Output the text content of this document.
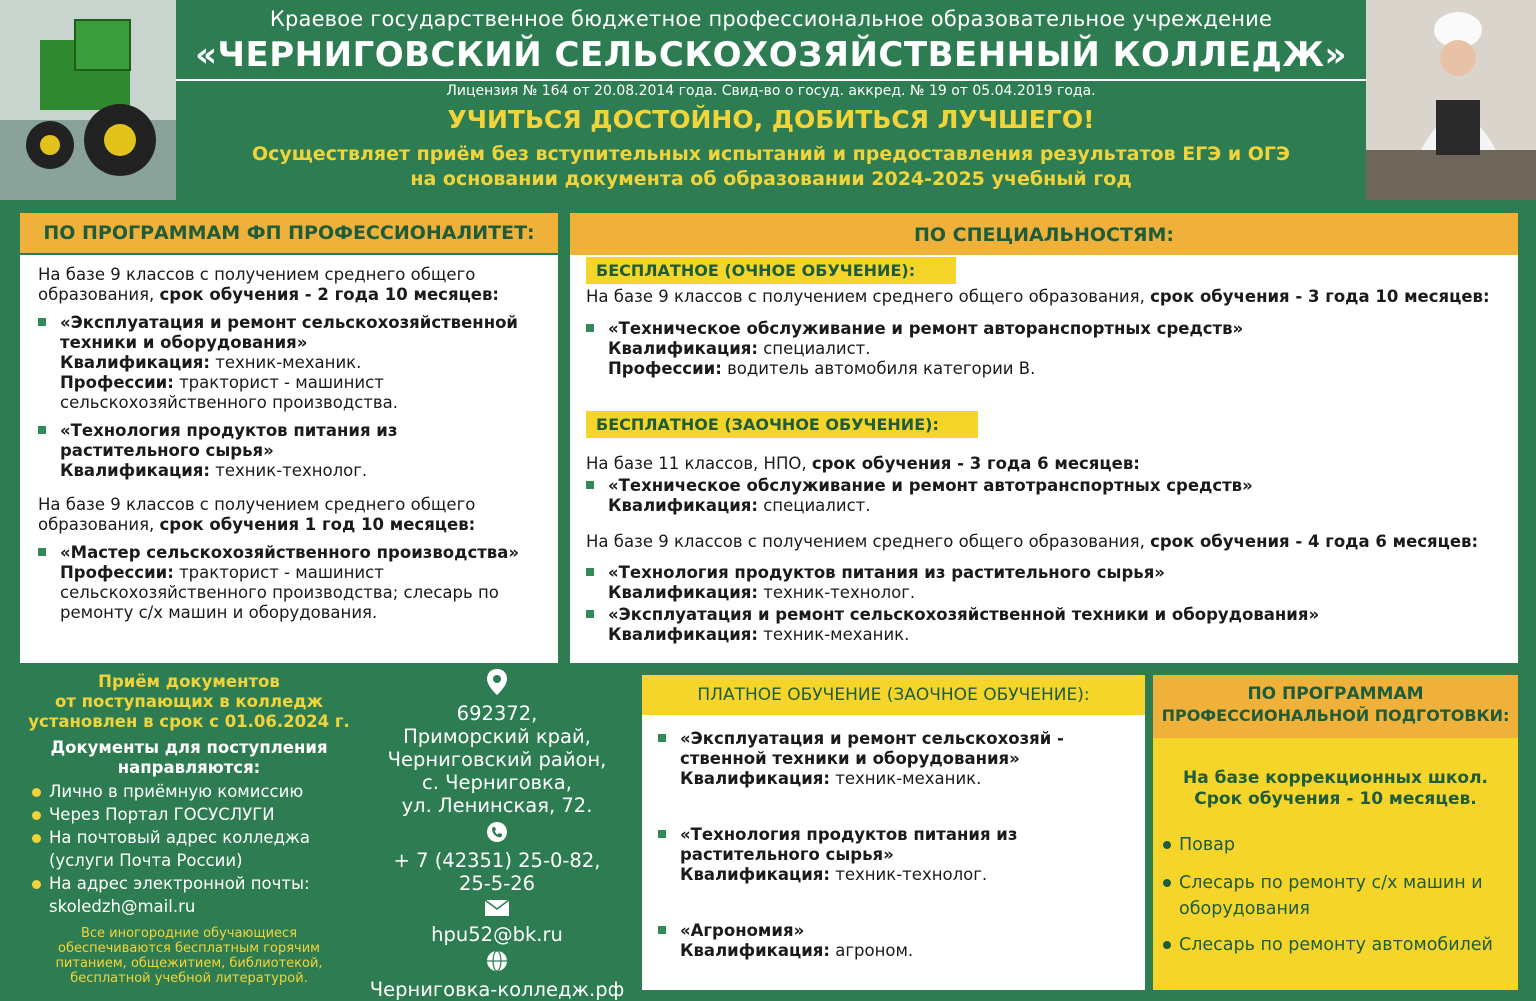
Краевое государственное бюджетное профессиональное образовательное учреждение
«ЧЕРНИГОВСКИЙ СЕЛЬСКОХОЗЯЙСТВЕННЫЙ КОЛЛЕДЖ»
Лицензия № 164 от 20.08.2014 года. Свид-во о госуд. аккред. № 19 от 05.04.2019 года.
УЧИТЬСЯ ДОСТОЙНО, ДОБИТЬСЯ ЛУЧШЕГО!
Осуществляет приём без вступительных испытаний и предоставления результатов ЕГЭ и ОГЭ
на основании документа об образовании 2024-2025 учебный год
ПО ПРОГРАММАМ ФП ПРОФЕССИОНАЛИТЕТ:
На базе 9 классов с получением среднего общего образования, срок обучения - 2 года 10 месяцев:
«Эксплуатация и ремонт сельскохозяйственной техники и оборудования»
Квалификация: техник-механик.
Профессии: тракторист - машинист сельскохозяйственного производства.
«Технология продуктов питания из растительного сырья»
Квалификация: техник-технолог.
На базе 9 классов с получением среднего общего образования, срок обучения 1 год 10 месяцев:
«Мастер сельскохозяйственного производства»
Профессии: тракторист - машинист сельскохозяйственного производства; слесарь по ремонту с/х машин и оборудования.
ПО СПЕЦИАЛЬНОСТЯМ:
БЕСПЛАТНОЕ (ОЧНОЕ ОБУЧЕНИЕ):
На базе 9 классов с получением среднего общего образования, срок обучения - 3 года 10 месяцев:
«Техническое обслуживание и ремонт авторанспортных средств»
Квалификация: специалист.
Профессии: водитель автомобиля категории В.
БЕСПЛАТНОЕ (ЗАОЧНОЕ ОБУЧЕНИЕ):
На базе 11 классов, НПО, срок обучения - 3 года 6 месяцев:
«Техническое обслуживание и ремонт автотранспортных средств»
Квалификация: специалист.
На базе 9 классов с получением среднего общего образования, срок обучения - 4 года 6 месяцев:
«Технология продуктов питания из растительного сырья»
Квалификация: техник-технолог.
«Эксплуатация и ремонт сельскохозяйственной техники и оборудования»
Квалификация: техник-механик.
Приём документов
от поступающих в колледж
установлен в срок с 01.06.2024 г.
Документы для поступления
направляются:
Лично в приёмную комиссию
Через Портал ГОСУСЛУГИ
На почтовый адрес колледжа (услуги Почта России)
На адрес электронной почты: skoledzh@mail.ru
Все иногородние обучающиеся обеспечиваются бесплатным горячим питанием, общежитием, библиотекой, бесплатной учебной литературой.
692372,
Приморский край,
Черниговский район,
с. Черниговка,
ул. Ленинская, 72.
+ 7 (42351) 25-0-82,
25-5-26
hpu52@bk.ru
Черниговка-колледж.рф
ПЛАТНОЕ ОБУЧЕНИЕ (ЗАОЧНОЕ ОБУЧЕНИЕ):
«Эксплуатация и ремонт сельскохозяй - ственной техники и оборудования»
Квалификация: техник-механик.
«Технология продуктов питания из растительного сырья»
Квалификация: техник-технолог.
«Агрономия»
Квалификация: агроном.
ПО ПРОГРАММАМ
ПРОФЕССИОНАЛЬНОЙ ПОДГОТОВКИ:
На базе коррекционных школ.
Срок обучения - 10 месяцев.
Повар
Слесарь по ремонту с/х машин и оборудования
Слесарь по ремонту автомобилей
